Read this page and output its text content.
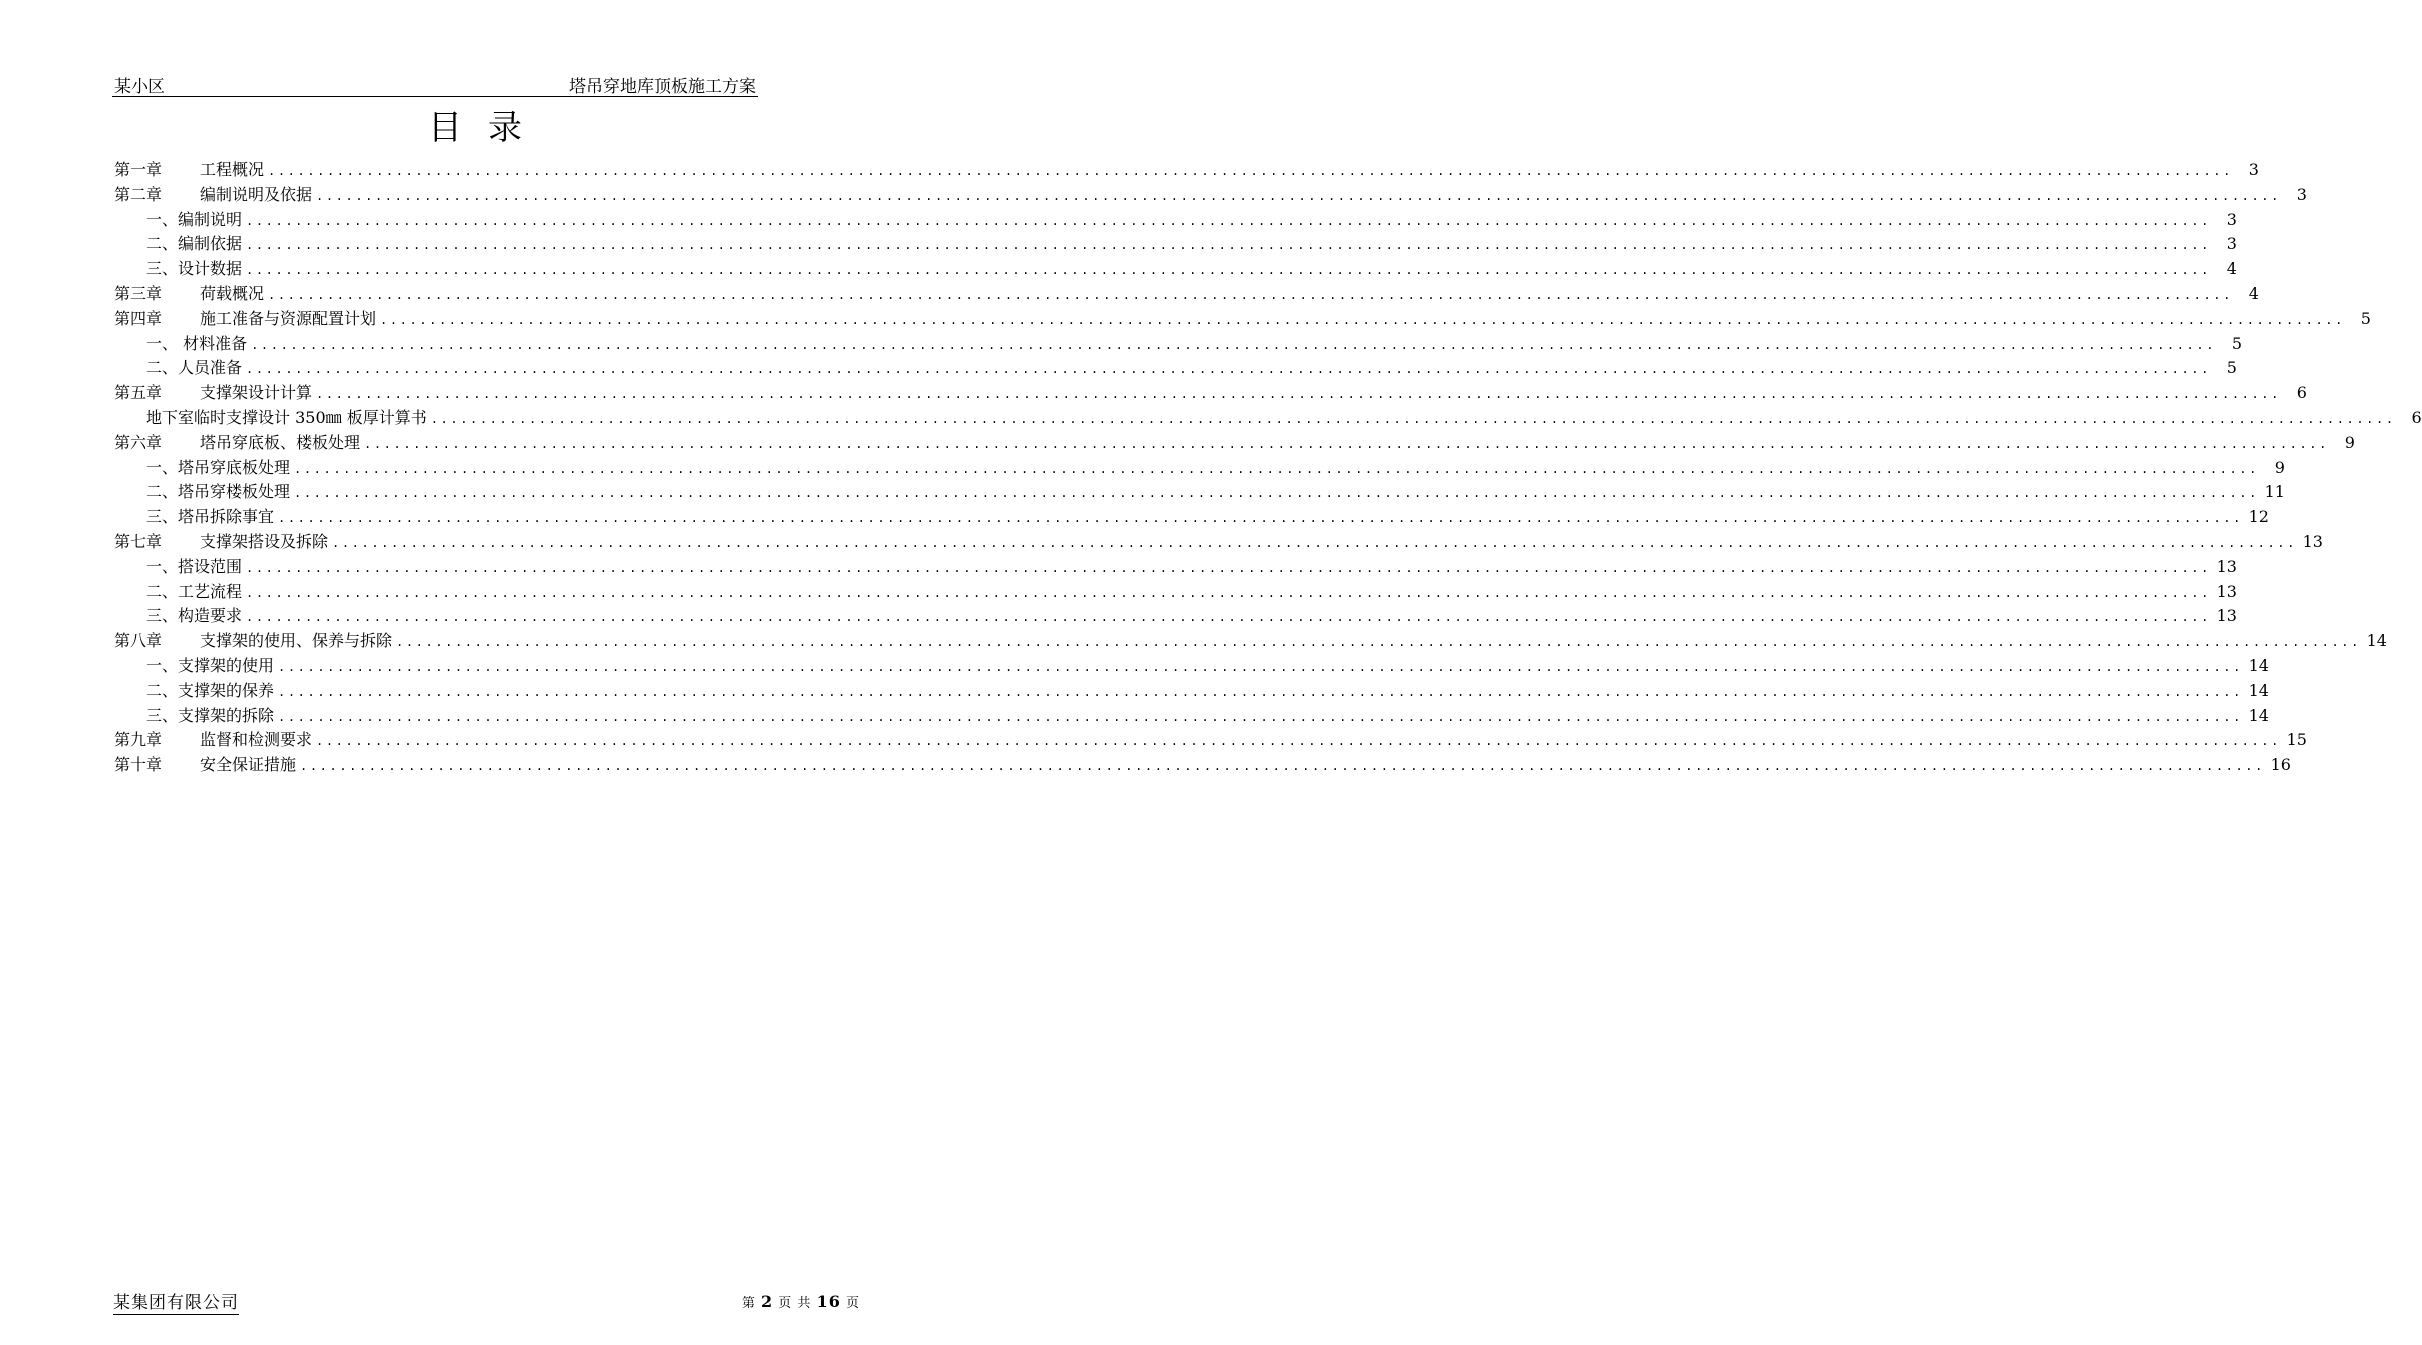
某小区	塔吊穿地库顶板施工方案
目录
第一章 工程概况 ........................................................................................................................................................................................................ 3
第二章 编制说明及依据 ........................................................................................................................................................................................................ 3
一、编制说明 ........................................................................................................................................................................................................ 3
二、编制依据 ........................................................................................................................................................................................................ 3
三、设计数据 ........................................................................................................................................................................................................ 4
第三章 荷载概况 ........................................................................................................................................................................................................ 4
第四章 施工准备与资源配置计划 ........................................................................................................................................................................................................ 5
一、 材料准备 ........................................................................................................................................................................................................ 5
二、人员准备 ........................................................................................................................................................................................................ 5
第五章 支撑架设计计算 ........................................................................................................................................................................................................ 6
地下室临时支撑设计 350㎜ 板厚计算书 ........................................................................................................................................................................................................ 6
第六章 塔吊穿底板、楼板处理 ........................................................................................................................................................................................................ 9
一、塔吊穿底板处理 ........................................................................................................................................................................................................ 9
二、塔吊穿楼板处理 ........................................................................................................................................................................................................ 11
三、塔吊拆除事宜 ........................................................................................................................................................................................................ 12
第七章 支撑架搭设及拆除 ........................................................................................................................................................................................................ 13
一、搭设范围 ........................................................................................................................................................................................................ 13
二、工艺流程 ........................................................................................................................................................................................................ 13
三、构造要求 ........................................................................................................................................................................................................ 13
第八章 支撑架的使用、保养与拆除 ........................................................................................................................................................................................................ 14
一、支撑架的使用 ........................................................................................................................................................................................................ 14
二、支撑架的保养 ........................................................................................................................................................................................................ 14
三、支撑架的拆除 ........................................................................................................................................................................................................ 14
第九章 监督和检测要求 ........................................................................................................................................................................................................ 15
第十章 安全保证措施 ........................................................................................................................................................................................................ 16
某集团有限公司	第 2 页 共 16 页
